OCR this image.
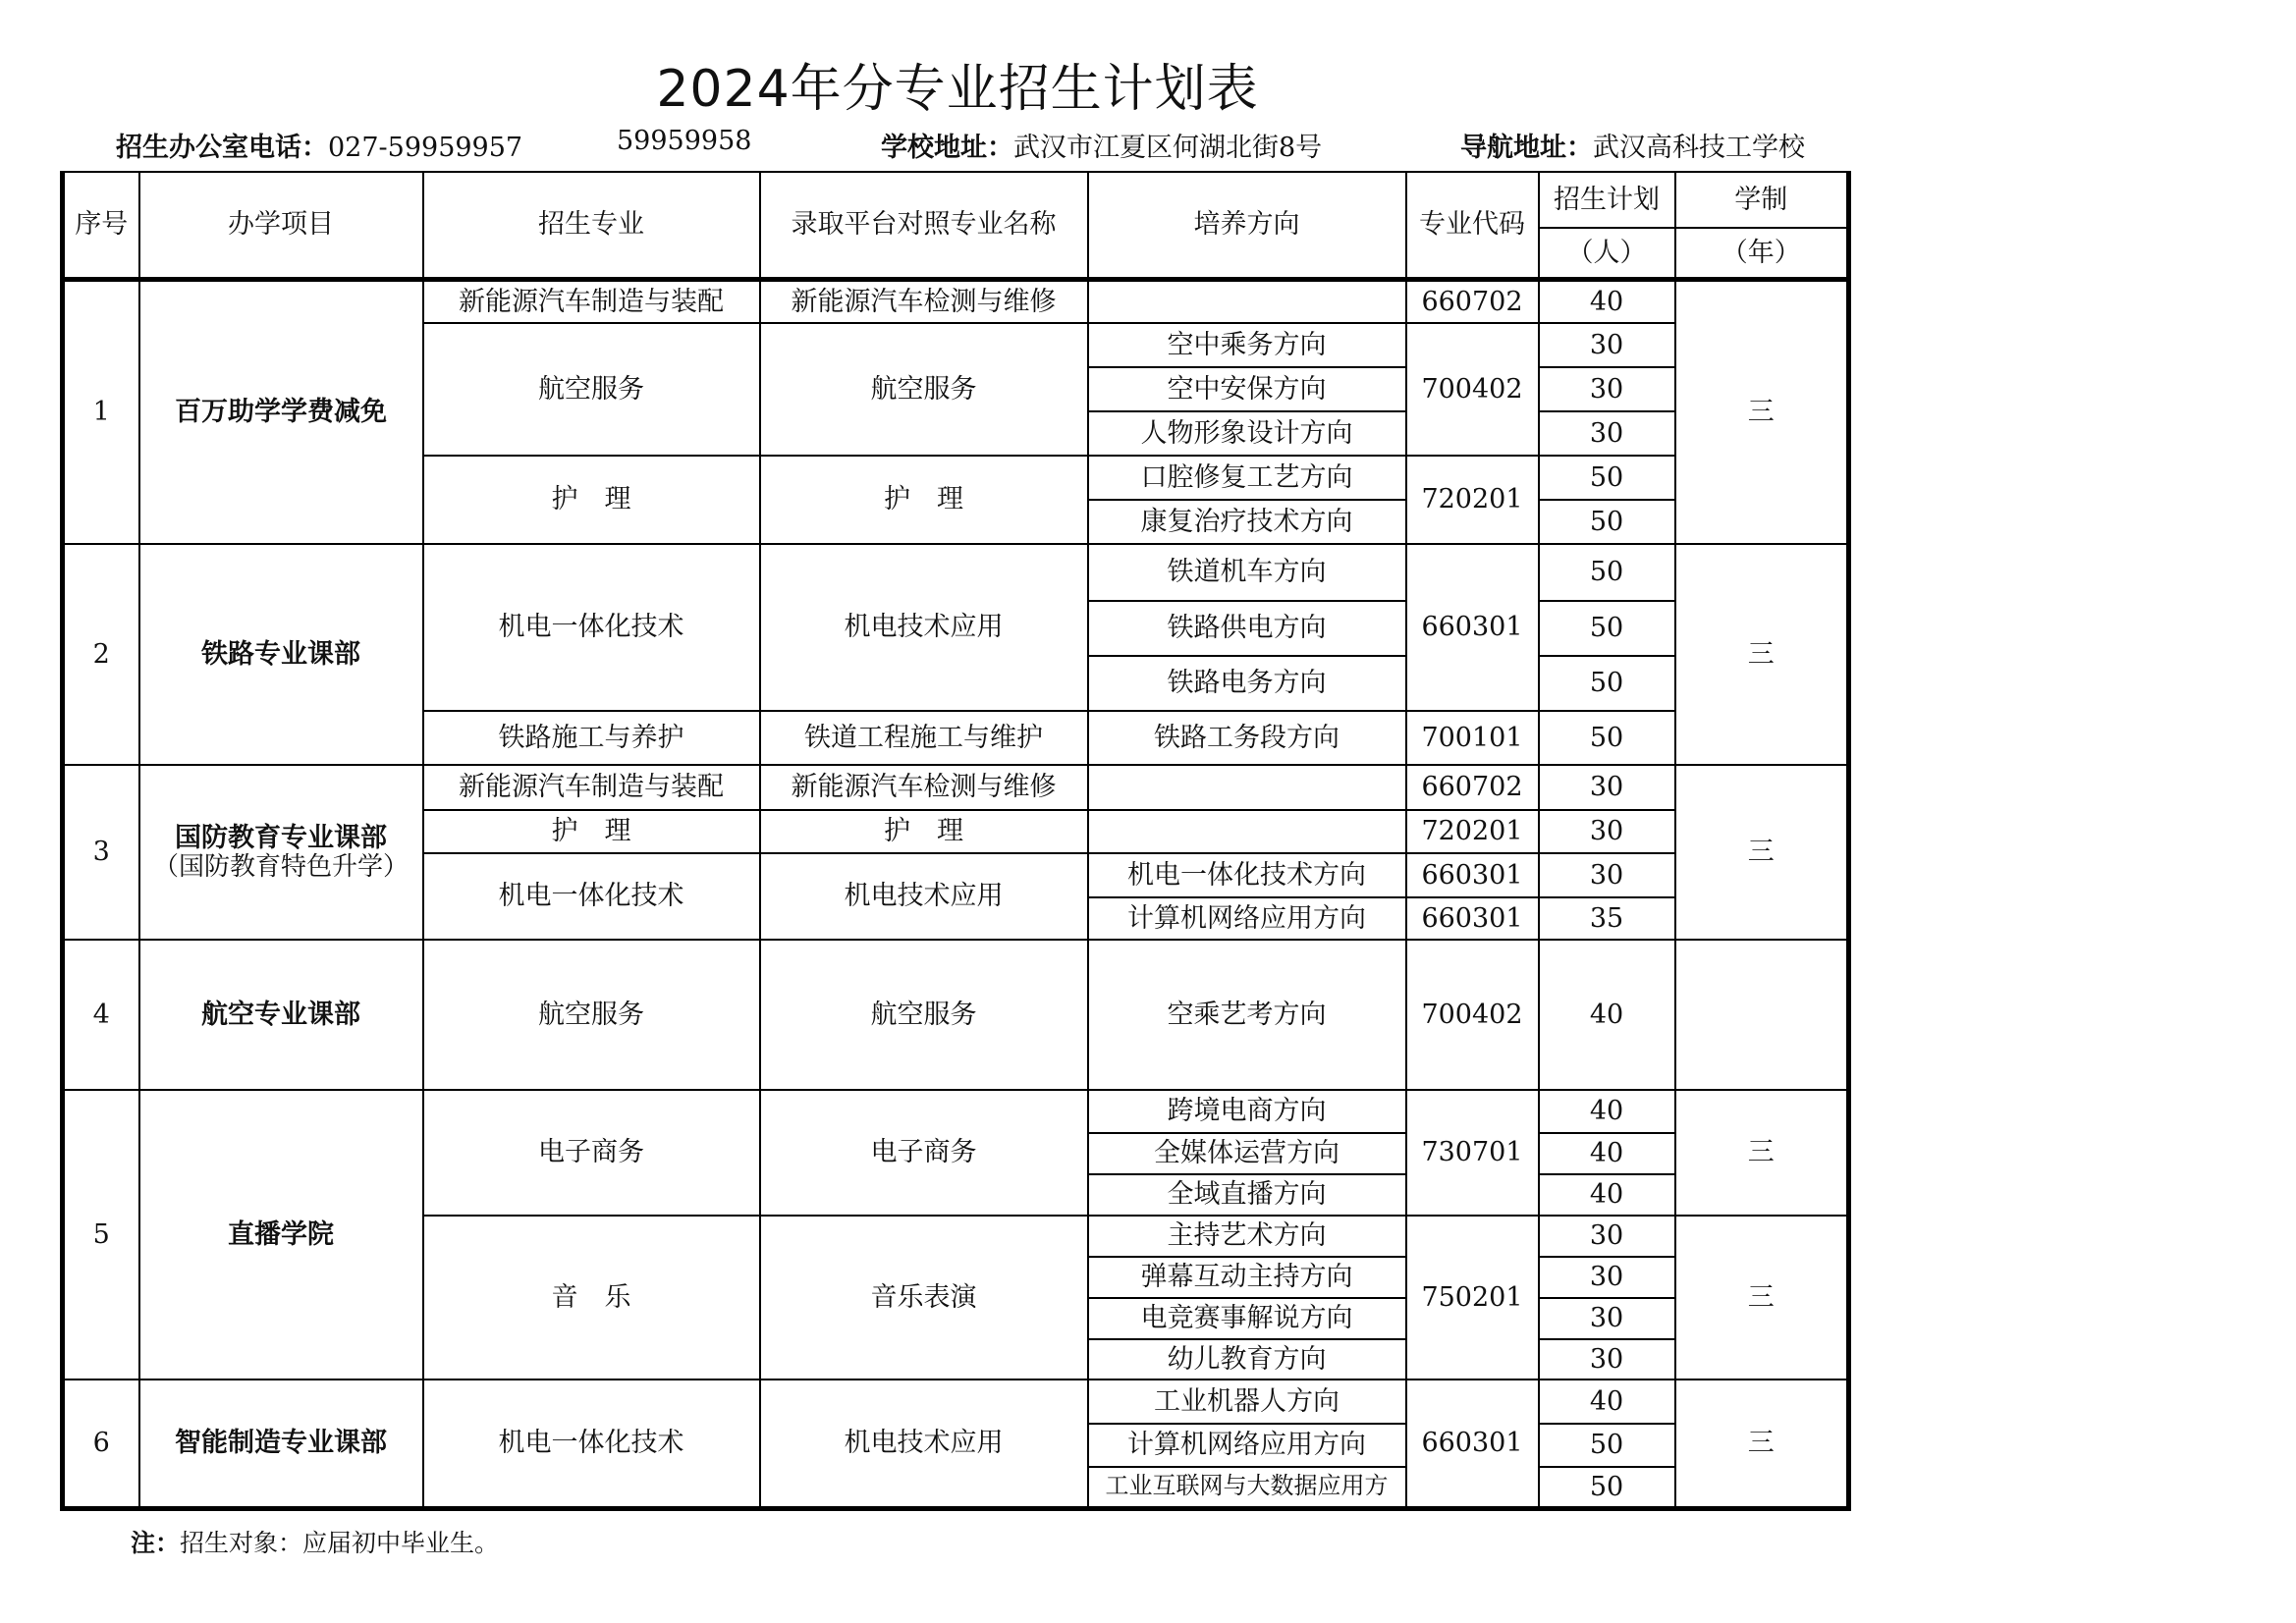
2024年分专业招生计划表
招生办公室电话：027-59959957	59959958	学校地址：武汉市江夏区何湖北街8号	导航地址：武汉高科技工学校
序号	办学项目	招生专业	录取平台对照专业名称	培养方向	专业代码	招生计划	学制
						（人）	（年）
1	百万助学学费减免	新能源汽车制造与装配	新能源汽车检测与维修		660702	40	三
		航空服务	航空服务	空中乘务方向	700402	30	
				空中安保方向		30	
				人物形象设计方向		30	
		护　理	护　理	口腔修复工艺方向	720201	50	
				康复治疗技术方向		50	
2	铁路专业课部	机电一体化技术	机电技术应用	铁道机车方向	660301	50	三
				铁路供电方向		50	
				铁路电务方向		50	
		铁路施工与养护	铁道工程施工与维护	铁路工务段方向	700101	50	
3	国防教育专业课部
（国防教育特色升学）	新能源汽车制造与装配	新能源汽车检测与维修		660702	30	三
		护　理	护　理		720201	30	
		机电一体化技术	机电技术应用	机电一体化技术方向	660301	30	
				计算机网络应用方向	660301	35	
4	航空专业课部	航空服务	航空服务	空乘艺考方向	700402	40	
5	直播学院	电子商务	电子商务	跨境电商方向	730701	40	三
				全媒体运营方向		40	
				全域直播方向		40	
		音　乐	音乐表演	主持艺术方向	750201	30	三
				弹幕互动主持方向		30	
				电竞赛事解说方向		30	
				幼儿教育方向		30	
6	智能制造专业课部	机电一体化技术	机电技术应用	工业机器人方向	660301	40	三
				计算机网络应用方向		50	
				工业互联网与大数据应用方		50	
注：招生对象：应届初中毕业生。
